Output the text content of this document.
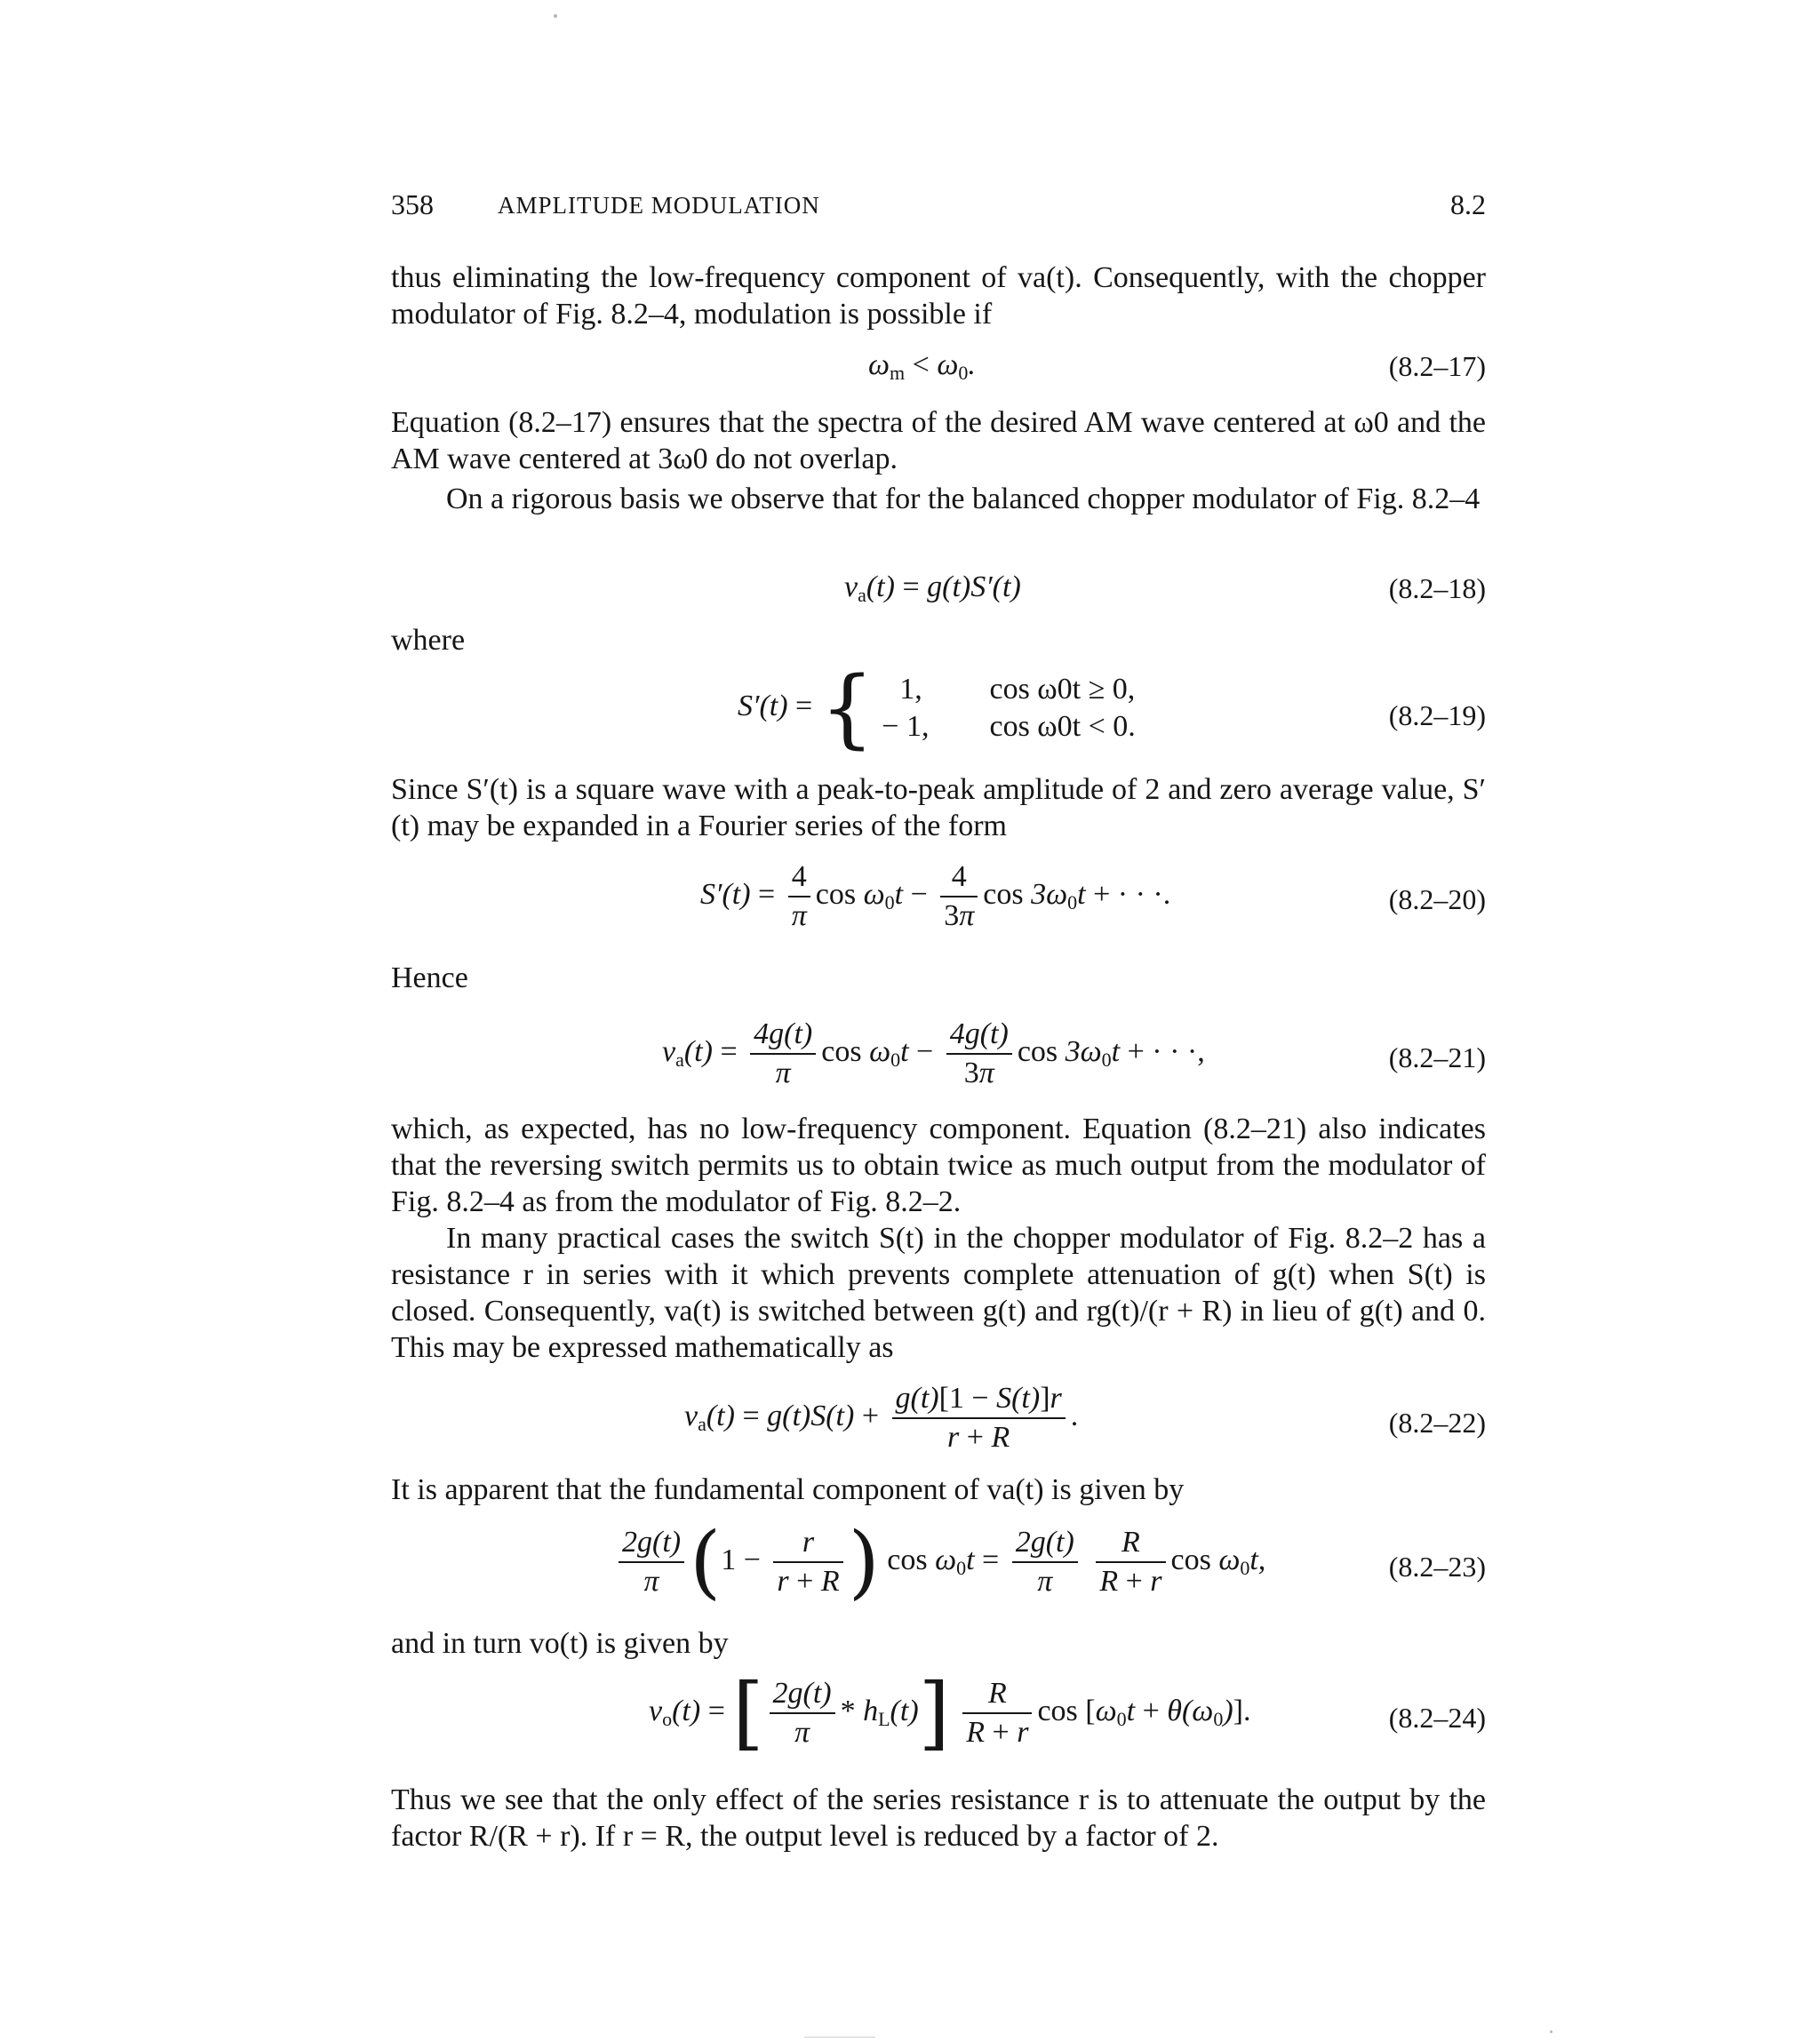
358	AMPLITUDE MODULATION	8.2
thus eliminating the low-frequency component of va(t). Consequently, with the chopper modulator of Fig. 8.2–4, modulation is possible if
$\omega_m < \omega_0$.	(8.2–17)
Equation (8.2–17) ensures that the spectra of the desired AM wave centered at ω0 and the AM wave centered at 3ω0 do not overlap.
On a rigorous basis we observe that for the balanced chopper modulator of Fig. 8.2–4
$v_a(t) = g(t)S'(t)$	(8.2–18)
where
S′(t) = { 1,	cos ω0t ≥ 0,
− 1,	cos ω0t < 0.	(8.2–19)
Since S′(t) is a square wave with a peak-to-peak amplitude of 2 and zero average value, S′(t) may be expanded in a Fourier series of the form
$S'(t) = \frac{4}{\pi}$ $\cos \omega_0t - \frac{4}{3\pi}$ $\cos 3\omega_0t$ + · · ·.	(8.2–20)
Hence
$v_a(t) = \frac{4g(t)}{\pi}$ $\cos \omega_0t - \frac{4g(t)}{3\pi}$ $\cos 3\omega_0t$ + · · ·,	(8.2–21)
which, as expected, has no low-frequency component. Equation (8.2–21) also indicates that the reversing switch permits us to obtain twice as much output from the modulator of Fig. 8.2–4 as from the modulator of Fig. 8.2–2.
In many practical cases the switch S(t) in the chopper modulator of Fig. 8.2–2 has a resistance r in series with it which prevents complete attenuation of g(t) when S(t) is closed. Consequently, va(t) is switched between g(t) and rg(t)/(r + R) in lieu of g(t) and 0. This may be expressed mathematically as
$v_a(t) = g(t)S(t) + \frac{g(t)[1 - S(t)]r}{r + R}$ .	(8.2–22)
It is apparent that the fundamental component of va(t) is given by
$\frac{2g(t)}{\pi} (1 - \frac{r}{r + R}$ ) $\cos \omega_0t = \frac{2g(t)}{\pi}$
$\frac{R}{R + r}$ $\cos \omega_0t$,	(8.2–23)
and in turn vo(t) is given by
$v_o(t)$ = [ $\frac{2g(t)}{\pi} * h_L(t)] \frac{R}{R + r}$ $\cos [\omega_0t + \theta(\omega_0)]$.	(8.2–24)
Thus we see that the only effect of the series resistance r is to attenuate the output by the factor R/(R + r). If r = R, the output level is reduced by a factor of 2.
